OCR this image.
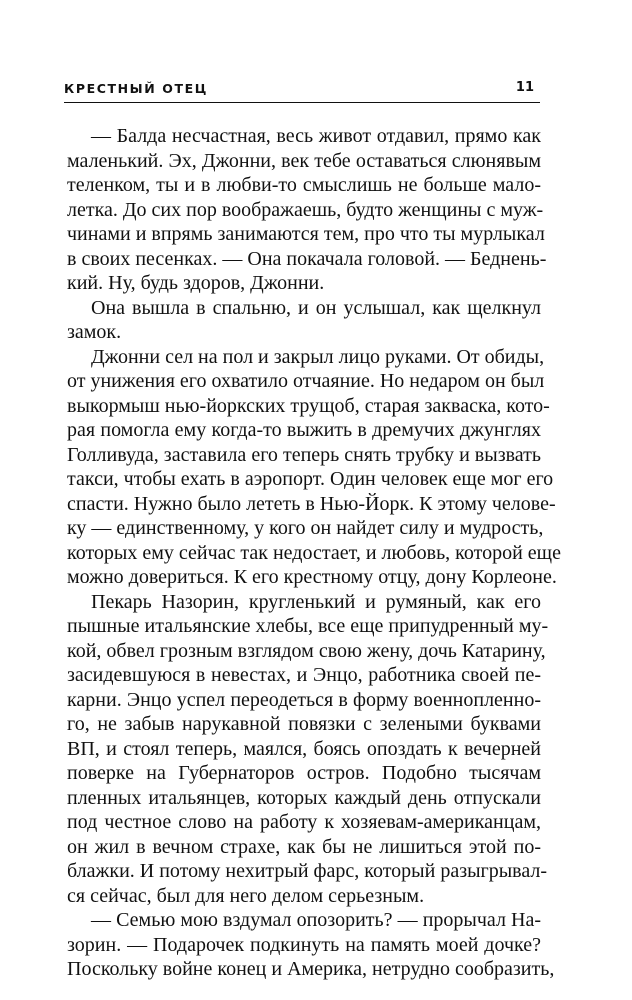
КРЕСТНЫЙ ОТЕЦ	11

— Балда несчастная, весь живот отдавил, прямо как
маленький. Эх, Джонни, век тебе оставаться слюнявым
теленком, ты и в любви-то смыслишь не больше мало-
летка. До сих пор воображаешь, будто женщины с муж-
чинами и впрямь занимаются тем, про что ты мурлыкал
в своих песенках. — Она покачала головой. — Беднень-
кий. Ну, будь здоров, Джонни.

Она вышла в спальню, и он услышал, как щелкнул
замок.

Джонни сел на пол и закрыл лицо руками. От обиды,
от унижения его охватило отчаяние. Но недаром он был
выкормыш нью-йоркских трущоб, старая закваска, кото-
рая помогла ему когда-то выжить в дремучих джунглях
Голливуда, заставила его теперь снять трубку и вызвать
такси, чтобы ехать в аэропорт. Один человек еще мог его
спасти. Нужно было лететь в Нью-Йорк. К этому челове-
ку — единственному, у кого он найдет силу и мудрость,
которых ему сейчас так недостает, и любовь, которой еще
можно довериться. К его крестному отцу, дону Корлеоне.

Пекарь Назорин, кругленький и румяный, как его
пышные итальянские хлебы, все еще припудренный му-
кой, обвел грозным взглядом свою жену, дочь Катарину,
засидевшуюся в невестах, и Энцо, работника своей пе-
карни. Энцо успел переодеться в форму военнопленно-
го, не забыв нарукавной повязки с зелеными буквами
ВП, и стоял теперь, маялся, боясь опоздать к вечерней
поверке на Губернаторов остров. Подобно тысячам
пленных итальянцев, которых каждый день отпускали
под честное слово на работу к хозяевам-американцам,
он жил в вечном страхе, как бы не лишиться этой по-
блажки. И потому нехитрый фарс, который разыгрывал-
ся сейчас, был для него делом серьезным.

— Семью мою вздумал опозорить? — прорычал На-
зорин. — Подарочек подкинуть на память моей дочке?
Поскольку войне конец и Америка, нетрудно сообразить,
